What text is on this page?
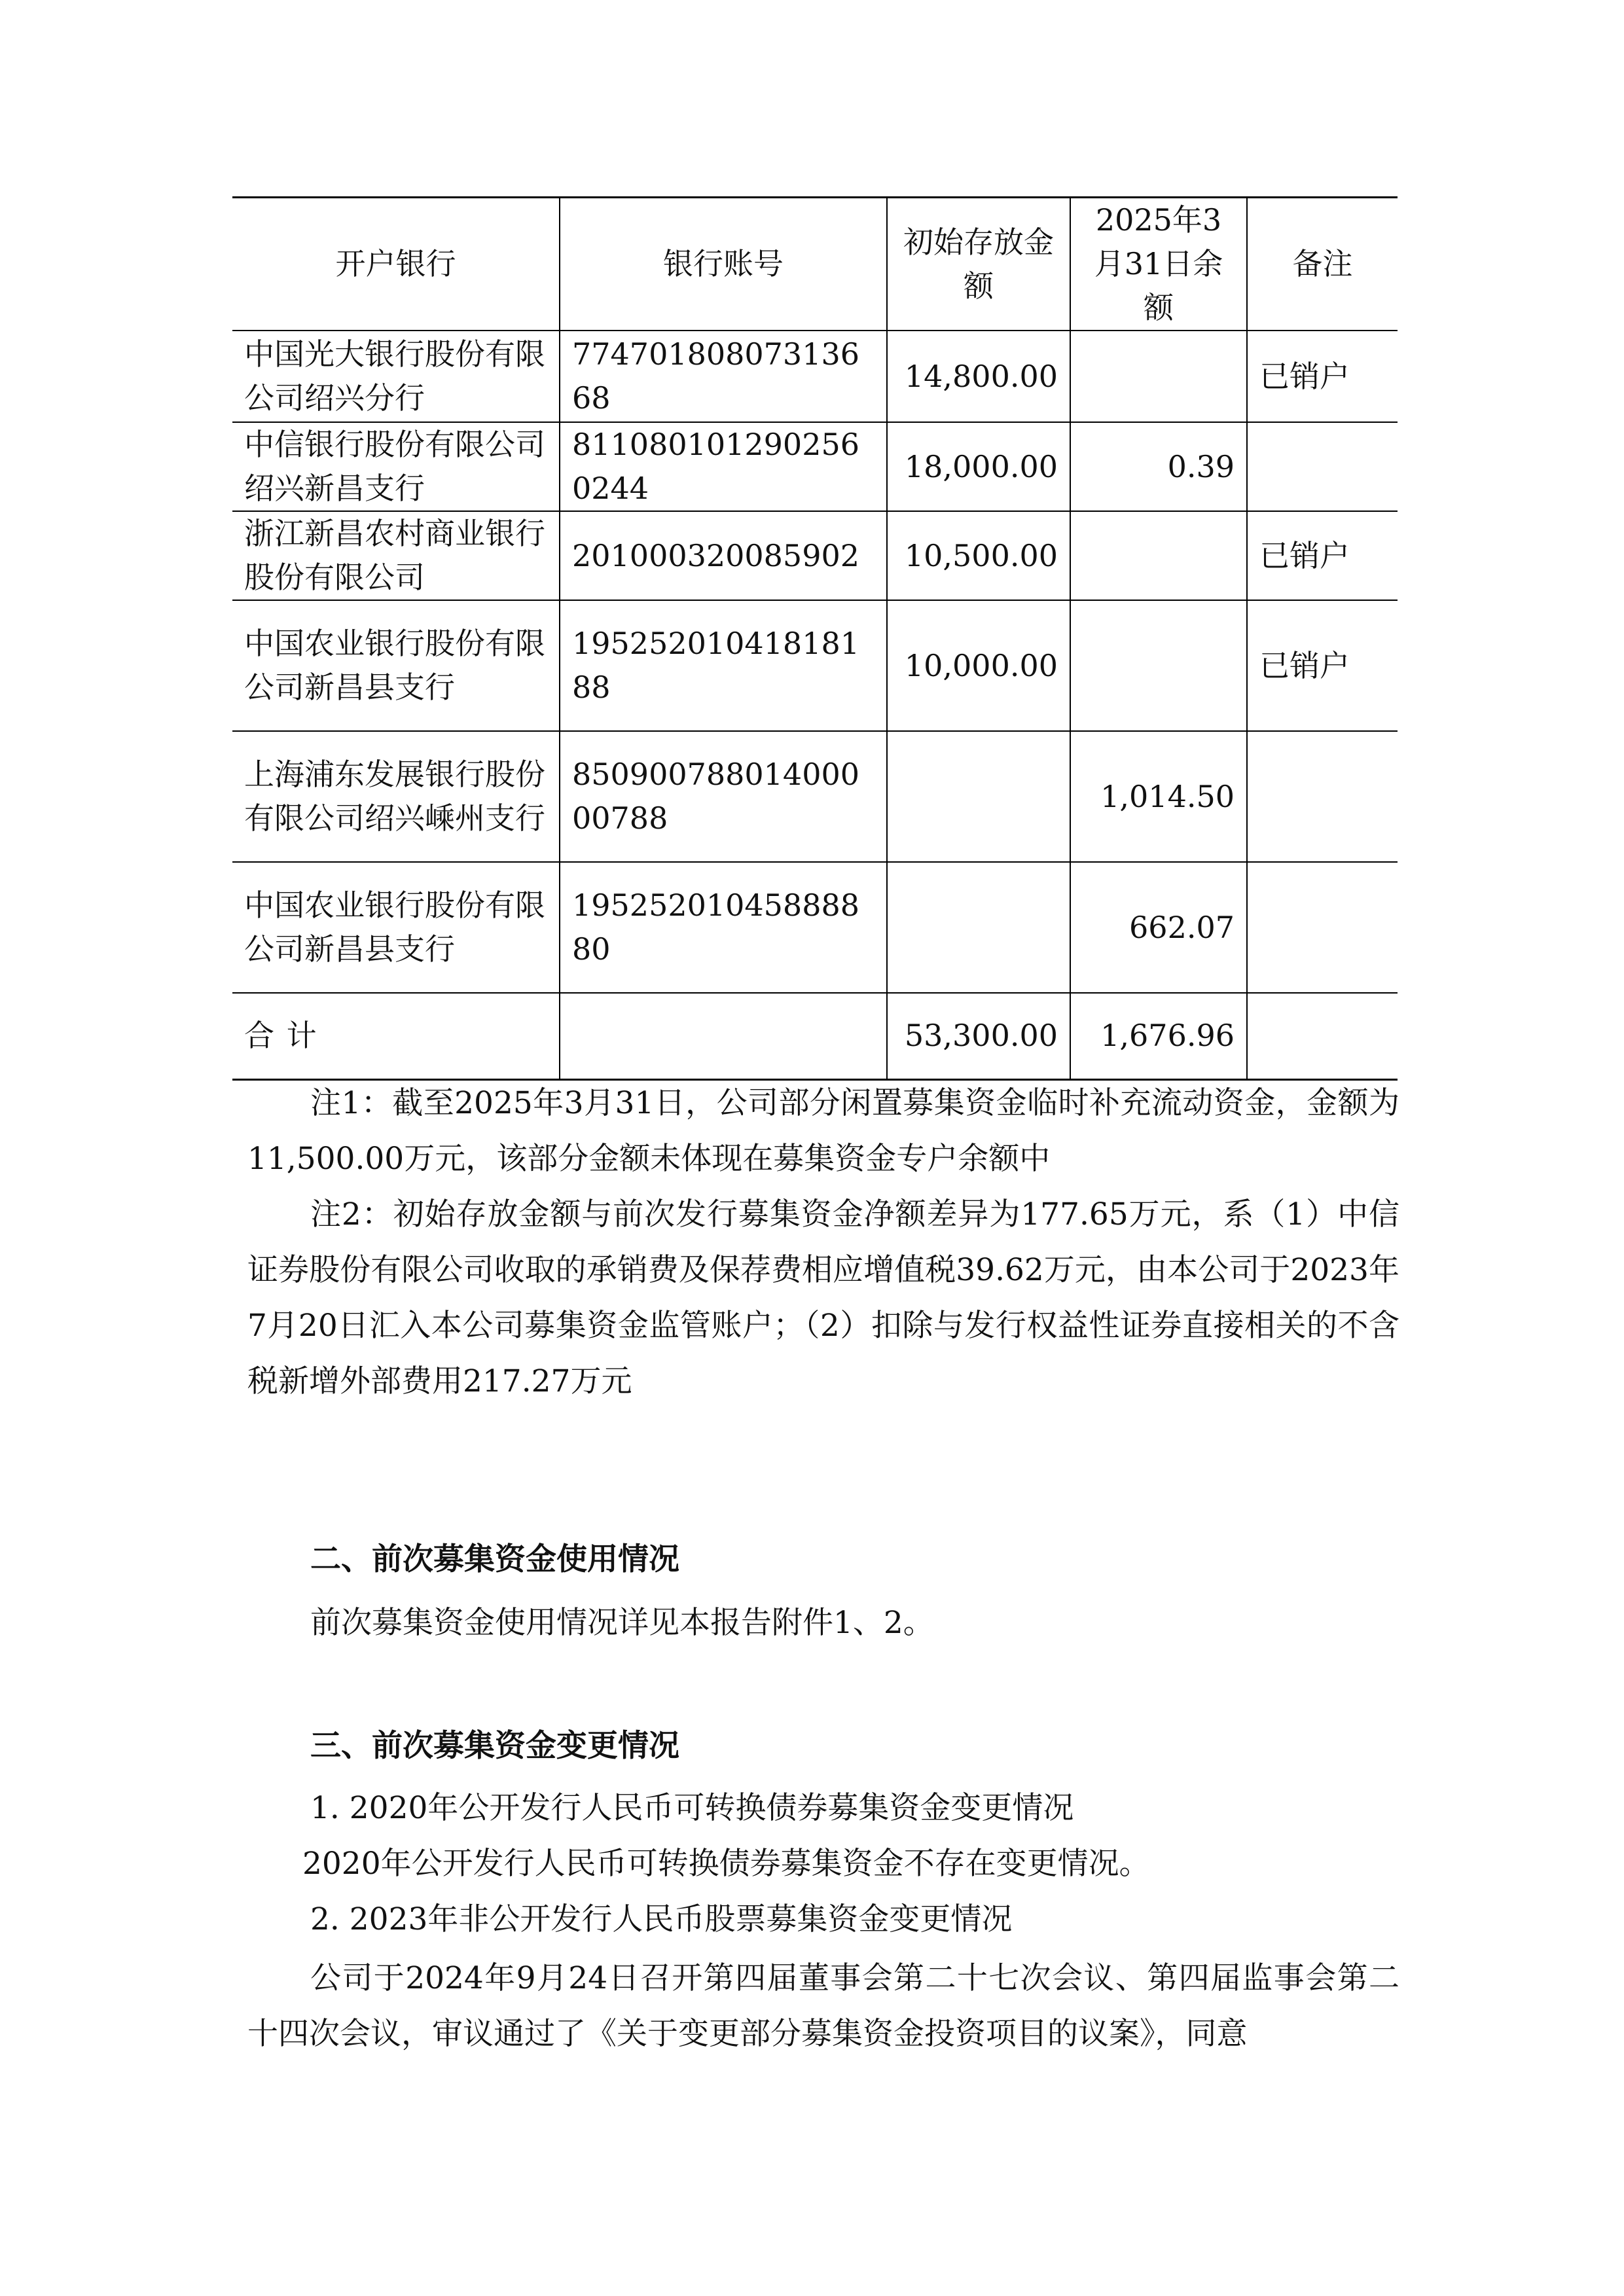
开户银行	银行账号	初始存放金额	2025年3月31日余额	备注
中国光大银行股份有限公司绍兴分行	77470180807313668	14,800.00		已销户
中信银行股份有限公司绍兴新昌支行	8110801012902560244	18,000.00	0.39	
浙江新昌农村商业银行股份有限公司	201000320085902	10,500.00		已销户
中国农业银行股份有限公司新昌县支行	19525201041818188	10,000.00		已销户
上海浦东发展银行股份有限公司绍兴嵊州支行	85090078801400000788		1,014.50	
中国农业银行股份有限公司新昌县支行	19525201045888880		662.07	
合 计		53,300.00	1,676.96	

注1：截至2025年3月31日，公司部分闲置募集资金临时补充流动资金，金额为11,500.00万元，该部分金额未体现在募集资金专户余额中

注2：初始存放金额与前次发行募集资金净额差异为177.65万元，系（1）中信证券股份有限公司收取的承销费及保荐费相应增值税39.62万元，由本公司于2023年7月20日汇入本公司募集资金监管账户；（2）扣除与发行权益性证券直接相关的不含税新增外部费用217.27万元

二、前次募集资金使用情况

前次募集资金使用情况详见本报告附件1、2。

三、前次募集资金变更情况

1. 2020年公开发行人民币可转换债券募集资金变更情况

2020年公开发行人民币可转换债券募集资金不存在变更情况。

2. 2023年非公开发行人民币股票募集资金变更情况

公司于2024年9月24日召开第四届董事会第二十七次会议、第四届监事会第二十四次会议，审议通过了《关于变更部分募集资金投资项目的议案》，同意
